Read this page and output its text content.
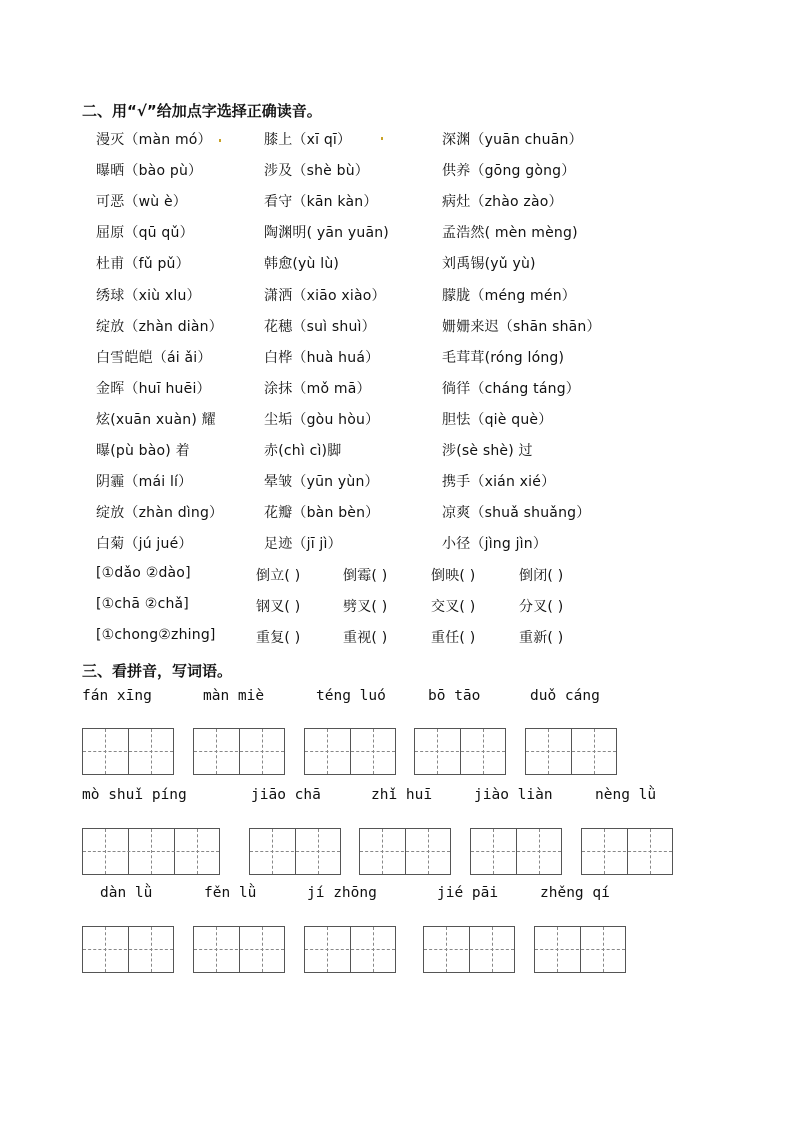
二、用“√”给加点字选择正确读音。
漫灭（màn mó）	膝上（xī qī）	深渊（yuān chuān）
曝晒（bào pù）	涉及（shè bù）	供养（gōng gòng）
可恶（wù è）	看守（kān kàn）	病灶（zhào zào）
屈原（qū qǔ）	陶渊明( yān yuān)	孟浩然( mèn mèng)
杜甫（fǔ pǔ）	韩愈(yù lù)	刘禹锡(yǔ yù)
绣球（xiù xlu）	潇洒（xiāo xiào）	朦胧（méng mén）
绽放（zhàn diàn）	花穗（suì shuì）	姗姗来迟（shān shān）
白雪皑皑（ái ǎi）	白桦（huà huá）	毛茸茸(róng lóng)
金晖（huī huēi）	涂抹（mǒ mā）	徜徉（cháng táng）
炫(xuān xuàn) 耀	尘垢（gòu hòu）	胆怯（qiè què）
曝(pù bào) 着	赤(chì cì)脚	涉(sè shè) 过
阴霾（mái lí）	晕皱（yūn yùn）	携手（xián xié）
绽放（zhàn dìng）	花瓣（bàn bèn）	凉爽（shuǎ shuǎng）
白菊（jú jué）	足迹（jī jì）	小径（jìng jìn）
[①dǎo ②dào]	倒立( )	倒霉( )	倒映( )	倒闭( )
[①chā ②chǎ]	钢叉( )	劈叉( )	交叉( )	分叉( )
[①chong②zhing]	重复( )	重视( )	重任( )	重新( )
三、看拼音，写词语。
fán xīng	màn miè	téng luó	bō tāo	duǒ cáng
mò shuǐ píng	jiāo chā	zhǐ huī	jiào liàn	nèng lǜ
dàn lǜ	fěn lǜ	jí zhōng	jié pāi	zhěng qí
